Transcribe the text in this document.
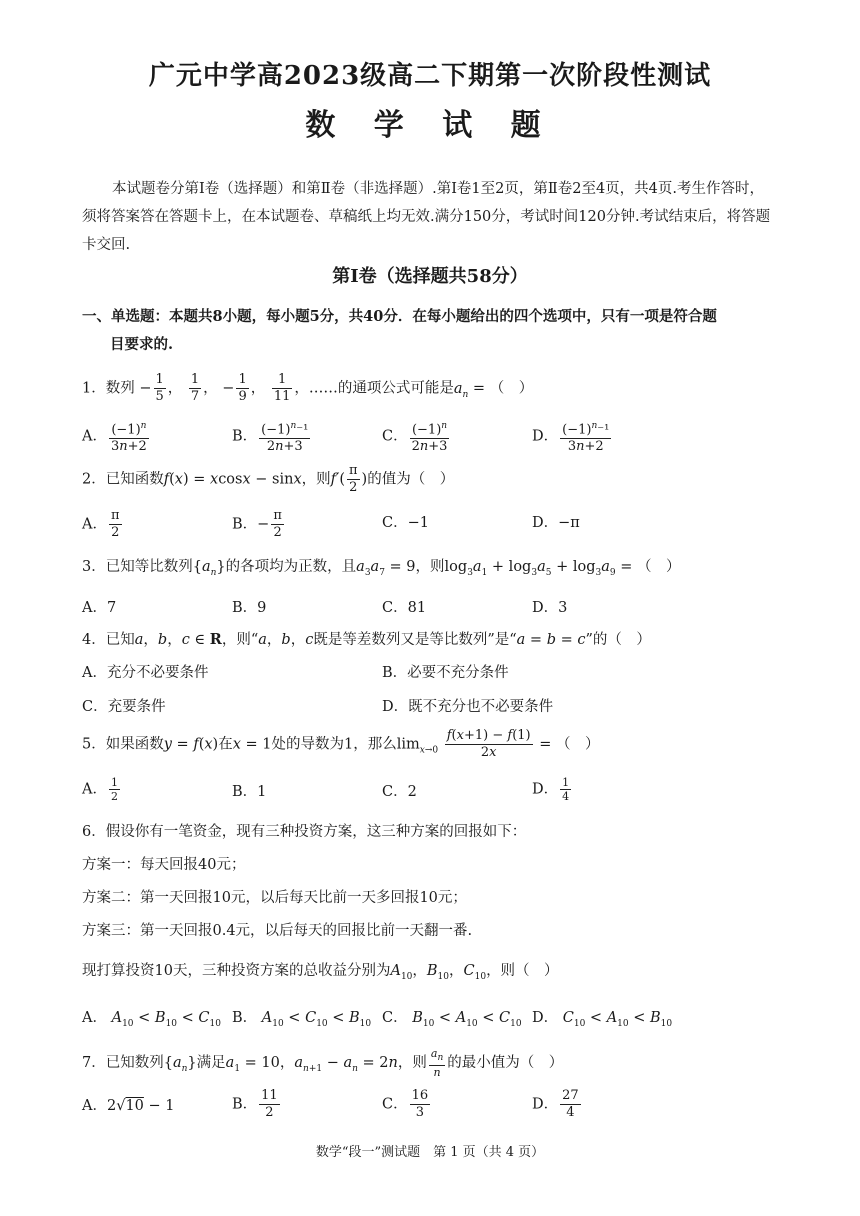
广元中学高2023级高二下期第一次阶段性测试
数 学 试 题
本试题卷分第Ⅰ卷（选择题）和第Ⅱ卷（非选择题）.第Ⅰ卷1至2页，第Ⅱ卷2至4页，共4页.考生作答时，须将答案答在答题卡上，在本试题卷、草稿纸上均无效.满分150分，考试时间120分钟.考试结束后，将答题卡交回.
第Ⅰ卷（选择题共58分）
一、单选题：本题共8小题，每小题5分，共40分．在每小题给出的四个选项中，只有一项是符合题
目要求的.
1．数列 − $\frac{1}{5}$ ， $\frac{1}{7}$ ， − $\frac{1}{9}$ ， $\frac{1}{11}$ ，……的通项公式可能是$a_n$ = （　）
A． $\frac{(-1)^n}{3n+2}$	B． $\frac{(-1)^n^{-1}}{2n+3}$	C． $\frac{(-1)^n}{2n+3}$	D． $\frac{(-1)^n^{-1}}{3n+2}$
2．已知函数f(x) = xcosx − sinx，则$f'( \frac{\pi}{2}$ )的值为（　）
A． $\frac{\pi}{2}$	B．− $\frac{\pi}{2}$	C．−1	D．−π
3．已知等比数列$\{a_n\}$的各项均为正数，且$a_3a_7 = 9$，则$\log_3a_1 + \log_3a_5 + \log_3a_9$ = （　）
A．7	B．9	C．81	D．3
4．已知a，b，c ∈ R，则“a，b，c既是等差数列又是等比数列”是“a = b = c”的（　）
A．充分不必要条件	B．必要不充分条件
C．充要条件	D．既不充分也不必要条件
5．如果函数y = f(x)在x = 1处的导数为1，那么$\lim_{x\to 0} \frac{f(x+1) - f(1)}{2x}$ = （　）
A． $\frac{1}{2}$	B．1	C．2	D． $\frac{1}{4}$
6．假设你有一笔资金，现有三种投资方案，这三种方案的回报如下：
方案一：每天回报40元；
方案二：第一天回报10元，以后每天比前一天多回报10元；
方案三：第一天回报0.4元，以后每天的回报比前一天翻一番.
现打算投资10天，三种投资方案的总收益分别为$A_{10}$，$B_{10}$，$C_{10}$，则（　）
A． $A_{10} < B_{10} < C_{10}$ B． $A_{10} < C_{10} < B_{10}$ C． $B_{10} < A_{10} < C_{10}$ D． $C_{10} < A_{10} < B_{10}$
7．已知数列$\{a_n\}$满足$a_1 = 10$，$a_{n+1} - a_n = 2n$，则 $\frac{a_n}{n}$ 的最小值为（　）
A．2√10 − 1	B． $\frac{11}{2}$	C． $\frac{16}{3}$	D． $\frac{27}{4}$
数学“段一”测试题　第 1 页（共 4 页）
